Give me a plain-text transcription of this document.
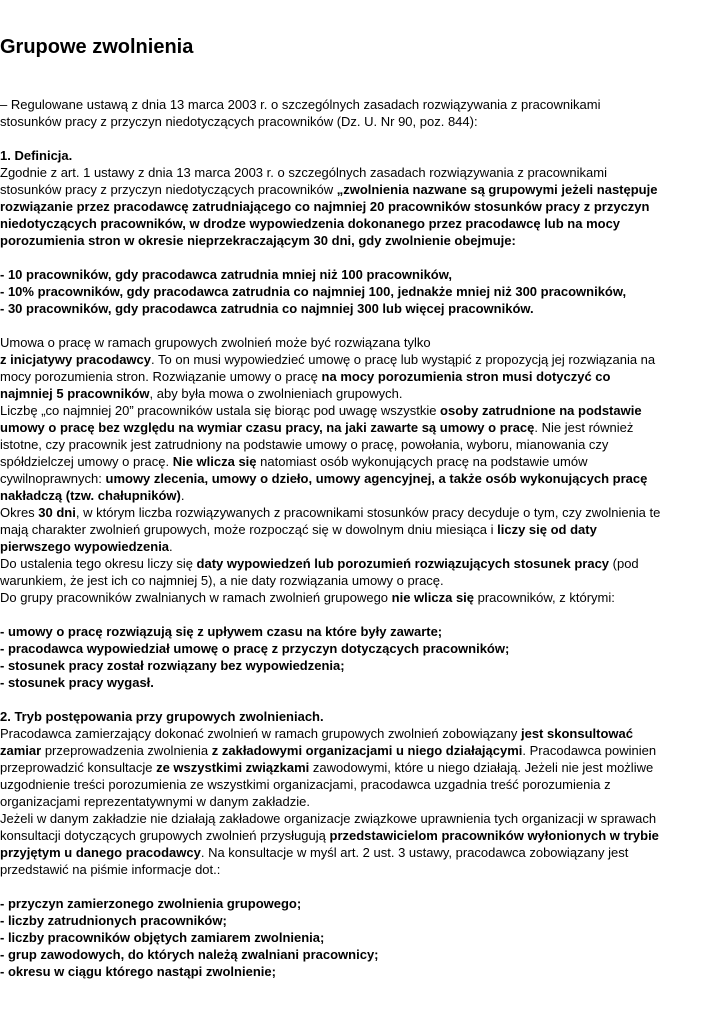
Grupowe zwolnienia

– Regulowane ustawą z dnia 13 marca 2003 r. o szczególnych zasadach rozwiązywania z pracownikami stosunków pracy z przyczyn niedotyczących pracowników (Dz. U. Nr 90, poz. 844):

1. Definicja.

Zgodnie z art. 1 ustawy z dnia 13 marca 2003 r. o szczególnych zasadach rozwiązywania z pracownikami stosunków pracy z przyczyn niedotyczących pracowników „zwolnienia nazwane są grupowymi jeżeli następuje rozwiązanie przez pracodawcę zatrudniającego co najmniej 20 pracowników stosunków pracy z przyczyn niedotyczących pracowników, w drodze wypowiedzenia dokonanego przez pracodawcę lub na mocy porozumienia stron w okresie nieprzekraczającym 30 dni, gdy zwolnienie obejmuje:

- 10 pracowników, gdy pracodawca zatrudnia mniej niż 100 pracowników,

- 10% pracowników, gdy pracodawca zatrudnia co najmniej 100, jednakże mniej niż 300 pracowników,

- 30 pracowników, gdy pracodawca zatrudnia co najmniej 300 lub więcej pracowników.

Umowa o pracę w ramach grupowych zwolnień może być rozwiązana tylko
z inicjatywy pracodawcy. To on musi wypowiedzieć umowę o pracę lub wystąpić z propozycją jej rozwiązania na mocy porozumienia stron. Rozwiązanie umowy o pracę na mocy porozumienia stron musi dotyczyć co najmniej 5 pracowników, aby była mowa o zwolnieniach grupowych.

Liczbę „co najmniej 20” pracowników ustala się biorąc pod uwagę wszystkie osoby zatrudnione na podstawie umowy o pracę bez względu na wymiar czasu pracy, na jaki zawarte są umowy o pracę. Nie jest również istotne, czy pracownik jest zatrudniony na podstawie umowy o pracę, powołania, wyboru, mianowania czy spółdzielczej umowy o pracę. Nie wlicza się natomiast osób wykonujących pracę na podstawie umów cywilnoprawnych: umowy zlecenia, umowy o dzieło, umowy agencyjnej, a także osób wykonujących pracę nakładczą (tzw. chałupników).

Okres 30 dni, w którym liczba rozwiązywanych z pracownikami stosunków pracy decyduje o tym, czy zwolnienia te mają charakter zwolnień grupowych, może rozpocząć się w dowolnym dniu miesiąca i liczy się od daty pierwszego wypowiedzenia.

Do ustalenia tego okresu liczy się daty wypowiedzeń lub porozumień rozwiązujących stosunek pracy (pod warunkiem, że jest ich co najmniej 5), a nie daty rozwiązania umowy o pracę.

Do grupy pracowników zwalnianych w ramach zwolnień grupowego nie wlicza się pracowników, z którymi:

- umowy o pracę rozwiązują się z upływem czasu na które były zawarte;

- pracodawca wypowiedział umowę o pracę z przyczyn dotyczących pracowników;

- stosunek pracy został rozwiązany bez wypowiedzenia;

- stosunek pracy wygasł.

2. Tryb postępowania przy grupowych zwolnieniach.

Pracodawca zamierzający dokonać zwolnień w ramach grupowych zwolnień zobowiązany jest skonsultować zamiar przeprowadzenia zwolnienia z zakładowymi organizacjami u niego działającymi. Pracodawca powinien przeprowadzić konsultacje ze wszystkimi związkami zawodowymi, które u niego działają. Jeżeli nie jest możliwe uzgodnienie treści porozumienia ze wszystkimi organizacjami, pracodawca uzgadnia treść porozumienia z organizacjami reprezentatywnymi w danym zakładzie.

Jeżeli w danym zakładzie nie działają zakładowe organizacje związkowe uprawnienia tych organizacji w sprawach konsultacji dotyczących grupowych zwolnień przysługują przedstawicielom pracowników wyłonionych w trybie przyjętym u danego pracodawcy. Na konsultacje w myśl art. 2 ust. 3 ustawy, pracodawca zobowiązany jest przedstawić na piśmie informacje dot.:

- przyczyn zamierzonego zwolnienia grupowego;

- liczby zatrudnionych pracowników;

- liczby pracowników objętych zamiarem zwolnienia;

- grup zawodowych, do których należą zwalniani pracownicy;

- okresu w ciągu którego nastąpi zwolnienie;
